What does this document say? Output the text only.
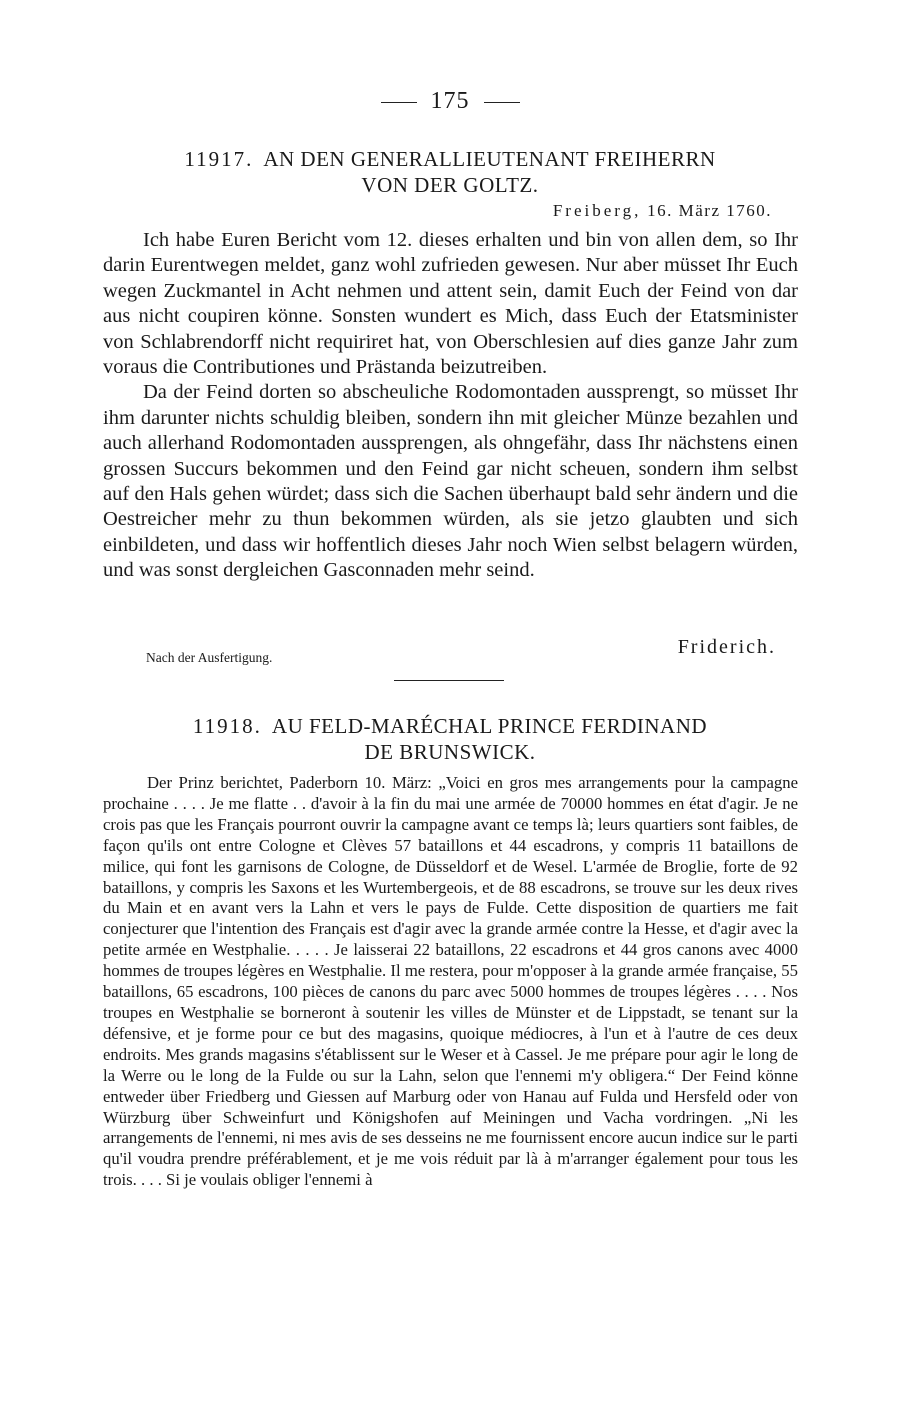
175
11917. AN DEN GENERALLIEUTENANT FREIHERRN
VON DER GOLTZ.
Freiberg, 16. März 1760.

Ich habe Euren Bericht vom 12. dieses erhalten und bin von allen dem, so Ihr darin Eurentwegen meldet, ganz wohl zufrieden gewesen. Nur aber müsset Ihr Euch wegen Zuckmantel in Acht nehmen und attent sein, damit Euch der Feind von dar aus nicht coupiren könne. Sonsten wundert es Mich, dass Euch der Etatsminister von Schlabrendorff nicht requiriret hat, von Oberschlesien auf dies ganze Jahr zum voraus die Contributiones und Prästanda beizutreiben.

Da der Feind dorten so abscheuliche Rodomontaden aussprengt, so müsset Ihr ihm darunter nichts schuldig bleiben, sondern ihn mit gleicher Münze bezahlen und auch allerhand Rodomontaden aussprengen, als ohngefähr, dass Ihr nächstens einen grossen Succurs bekommen und den Feind gar nicht scheuen, sondern ihm selbst auf den Hals gehen würdet; dass sich die Sachen überhaupt bald sehr ändern und die Oestreicher mehr zu thun bekommen würden, als sie jetzo glaubten und sich einbildeten, und dass wir hoffentlich dieses Jahr noch Wien selbst belagern würden, und was sonst dergleichen Gasconnaden mehr seind.

Nach der Ausfertigung.	Friderich.
11918. AU FELD-MARÉCHAL PRINCE FERDINAND
DE BRUNSWICK.

Der Prinz berichtet, Paderborn 10. März: „Voici en gros mes arrangements pour la campagne prochaine . . . . Je me flatte . . d'avoir à la fin du mai une armée de 70000 hommes en état d'agir. Je ne crois pas que les Français pourront ouvrir la campagne avant ce temps là; leurs quartiers sont faibles, de façon qu'ils ont entre Cologne et Clèves 57 bataillons et 44 escadrons, y compris 11 bataillons de milice, qui font les garnisons de Cologne, de Düsseldorf et de Wesel. L'armée de Broglie, forte de 92 bataillons, y compris les Saxons et les Wurtembergeois, et de 88 escadrons, se trouve sur les deux rives du Main et en avant vers la Lahn et vers le pays de Fulde. Cette disposition de quartiers me fait conjecturer que l'intention des Français est d'agir avec la grande armée contre la Hesse, et d'agir avec la petite armée en Westphalie. . . . . Je laisserai 22 bataillons, 22 escadrons et 44 gros canons avec 4000 hommes de troupes légères en Westphalie. Il me restera, pour m'opposer à la grande armée française, 55 bataillons, 65 escadrons, 100 pièces de canons du parc avec 5000 hommes de troupes légères . . . . Nos troupes en Westphalie se borneront à soutenir les villes de Münster et de Lippstadt, se tenant sur la défensive, et je forme pour ce but des magasins, quoique médiocres, à l'un et à l'autre de ces deux endroits. Mes grands magasins s'établissent sur le Weser et à Cassel. Je me prépare pour agir le long de la Werre ou le long de la Fulde ou sur la Lahn, selon que l'ennemi m'y obligera.“ Der Feind könne entweder über Friedberg und Giessen auf Marburg oder von Hanau auf Fulda und Hersfeld oder von Würzburg über Schweinfurt und Königshofen auf Meiningen und Vacha vordringen. „Ni les arrangements de l'ennemi, ni mes avis de ses desseins ne me fournissent encore aucun indice sur le parti qu'il voudra prendre préférablement, et je me vois réduit par là à m'arranger également pour tous les trois. . . . Si je voulais obliger l'ennemi à
